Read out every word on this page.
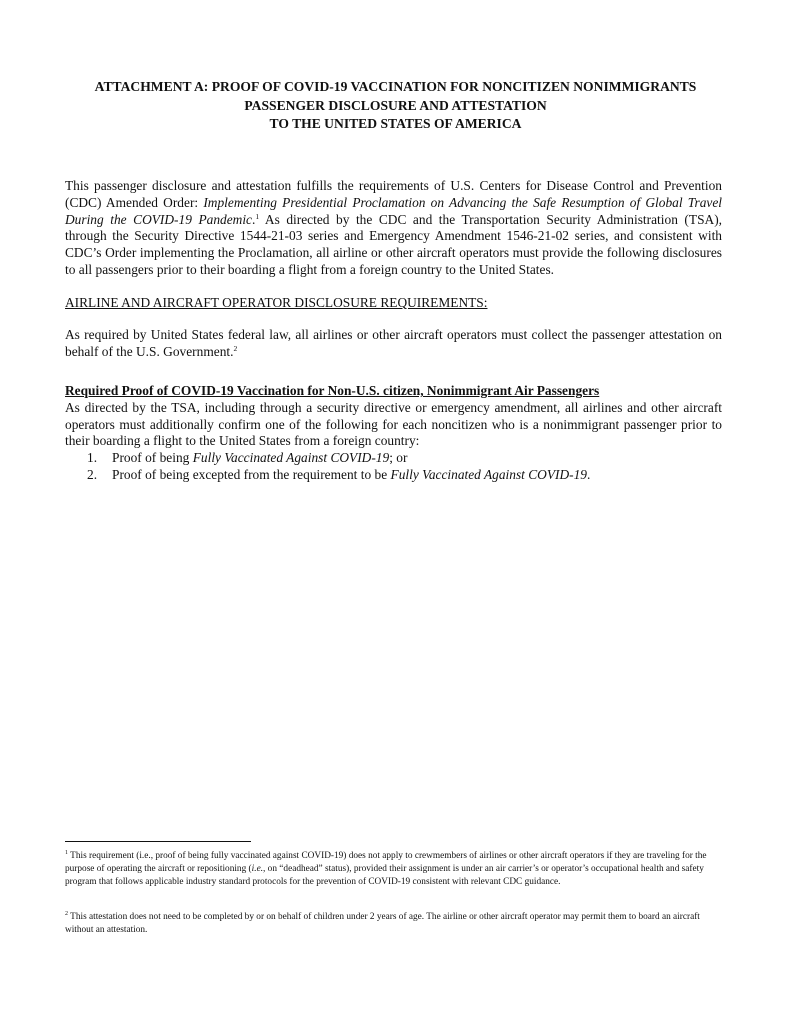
ATTACHMENT A: PROOF OF COVID-19 VACCINATION FOR NONCITIZEN NONIMMIGRANTS
PASSENGER DISCLOSURE AND ATTESTATION
TO THE UNITED STATES OF AMERICA

This passenger disclosure and attestation fulfills the requirements of U.S. Centers for Disease Control and Prevention (CDC) Amended Order: Implementing Presidential Proclamation on Advancing the Safe Resumption of Global Travel During the COVID-19 Pandemic.$^1$ As directed by the CDC and the Transportation Security Administration (TSA), through the Security Directive 1544-21-03 series and Emergency Amendment 1546-21-02 series, and consistent with CDC’s Order implementing the Proclamation, all airline or other aircraft operators must provide the following disclosures to all passengers prior to their boarding a flight from a foreign country to the United States.

AIRLINE AND AIRCRAFT OPERATOR DISCLOSURE REQUIREMENTS:

As required by United States federal law, all airlines or other aircraft operators must collect the passenger attestation on behalf of the U.S. Government.$^2$

Required Proof of COVID-19 Vaccination for Non-U.S. citizen, Nonimmigrant Air Passengers
As directed by the TSA, including through a security directive or emergency amendment, all airlines and other aircraft operators must additionally confirm one of the following for each noncitizen who is a nonimmigrant passenger prior to their boarding a flight to the United States from a foreign country:
1. Proof of being Fully Vaccinated Against COVID-19; or
2. Proof of being excepted from the requirement to be Fully Vaccinated Against COVID-19.

$^1$ This requirement (i.e., proof of being fully vaccinated against COVID-19) does not apply to crewmembers of airlines or other aircraft operators if they are traveling for the purpose of operating the aircraft or repositioning (i.e., on “deadhead” status), provided their assignment is under an air carrier’s or operator’s occupational health and safety program that follows applicable industry standard protocols for the prevention of COVID-19 consistent with relevant CDC guidance.

$^2$ This attestation does not need to be completed by or on behalf of children under 2 years of age. The airline or other aircraft operator may permit them to board an aircraft without an attestation.
